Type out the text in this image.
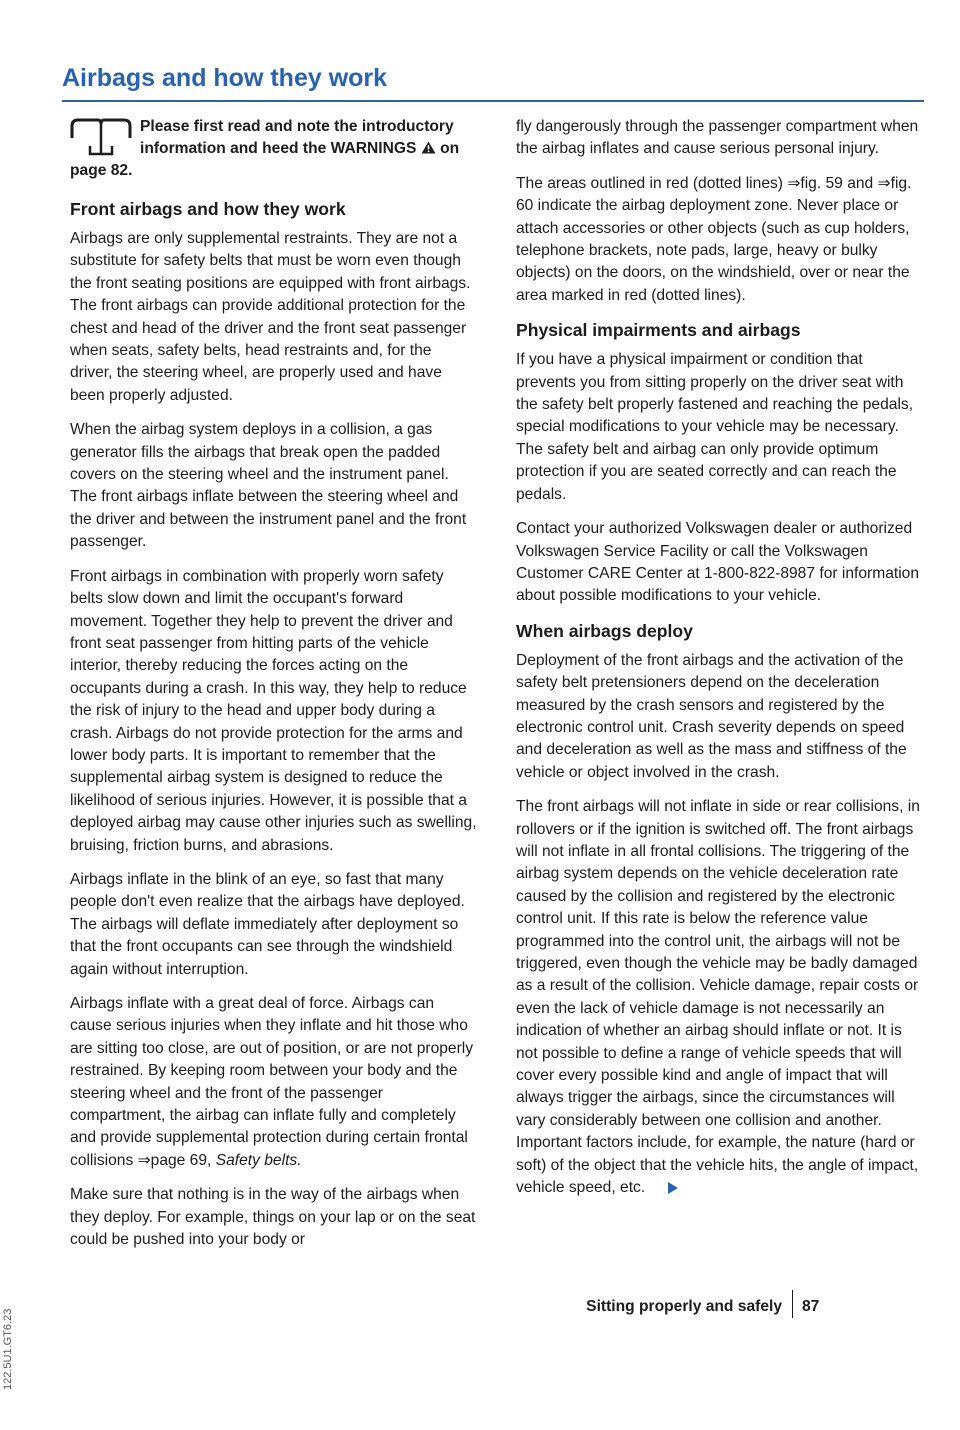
Airbags and how they work
Please first read and note the introductory information and heed the WARNINGS on page 82.
Front airbags and how they work

Airbags are only supplemental restraints. They are not a substitute for safety belts that must be worn even though the front seating positions are equipped with front airbags. The front airbags can provide additional protection for the chest and head of the driver and the front seat passenger when seats, safety belts, head restraints and, for the driver, the steering wheel, are properly used and have been properly adjusted.

When the airbag system deploys in a collision, a gas generator fills the airbags that break open the padded covers on the steering wheel and the instrument panel. The front airbags inflate between the steering wheel and the driver and between the instrument panel and the front passenger.

Front airbags in combination with properly worn safety belts slow down and limit the occupant's forward movement. Together they help to prevent the driver and front seat passenger from hitting parts of the vehicle interior, thereby reducing the forces acting on the occupants during a crash. In this way, they help to reduce the risk of injury to the head and upper body during a crash. Airbags do not provide protection for the arms and lower body parts. It is important to remember that the supplemental airbag system is designed to reduce the likelihood of serious injuries. However, it is possible that a deployed airbag may cause other injuries such as swelling, bruising, friction burns, and abrasions.

Airbags inflate in the blink of an eye, so fast that many people don't even realize that the airbags have deployed. The airbags will deflate immediately after deployment so that the front occupants can see through the windshield again without interruption.

Airbags inflate with a great deal of force. Airbags can cause serious injuries when they inflate and hit those who are sitting too close, are out of position, or are not properly restrained. By keeping room between your body and the steering wheel and the front of the passenger compartment, the airbag can inflate fully and completely and provide supplemental protection during certain frontal collisions ⇒page 69, Safety belts.

Make sure that nothing is in the way of the airbags when they deploy. For example, things on your lap or on the seat could be pushed into your body or

fly dangerously through the passenger compartment when the airbag inflates and cause serious personal injury.

The areas outlined in red (dotted lines) ⇒fig. 59 and ⇒fig. 60 indicate the airbag deployment zone. Never place or attach accessories or other objects (such as cup holders, telephone brackets, note pads, large, heavy or bulky objects) on the doors, on the windshield, over or near the area marked in red (dotted lines).

Physical impairments and airbags

If you have a physical impairment or condition that prevents you from sitting properly on the driver seat with the safety belt properly fastened and reaching the pedals, special modifications to your vehicle may be necessary. The safety belt and airbag can only provide optimum protection if you are seated correctly and can reach the pedals.

Contact your authorized Volkswagen dealer or authorized Volkswagen Service Facility or call the Volkswagen Customer CARE Center at 1-800-822-8987 for information about possible modifications to your vehicle.

When airbags deploy

Deployment of the front airbags and the activation of the safety belt pretensioners depend on the deceleration measured by the crash sensors and registered by the electronic control unit. Crash severity depends on speed and deceleration as well as the mass and stiffness of the vehicle or object involved in the crash.

The front airbags will not inflate in side or rear collisions, in rollovers or if the ignition is switched off. The front airbags will not inflate in all frontal collisions. The triggering of the airbag system depends on the vehicle deceleration rate caused by the collision and registered by the electronic control unit. If this rate is below the reference value programmed into the control unit, the airbags will not be triggered, even though the vehicle may be badly damaged as a result of the collision. Vehicle damage, repair costs or even the lack of vehicle damage is not necessarily an indication of whether an airbag should inflate or not. It is not possible to define a range of vehicle speeds that will cover every possible kind and angle of impact that will always trigger the airbags, since the circumstances will vary considerably between one collision and another. Important factors include, for example, the nature (hard or soft) of the object that the vehicle hits, the angle of impact, vehicle speed, etc.

Sitting properly and safely 87
122.5U1.GT6.23
